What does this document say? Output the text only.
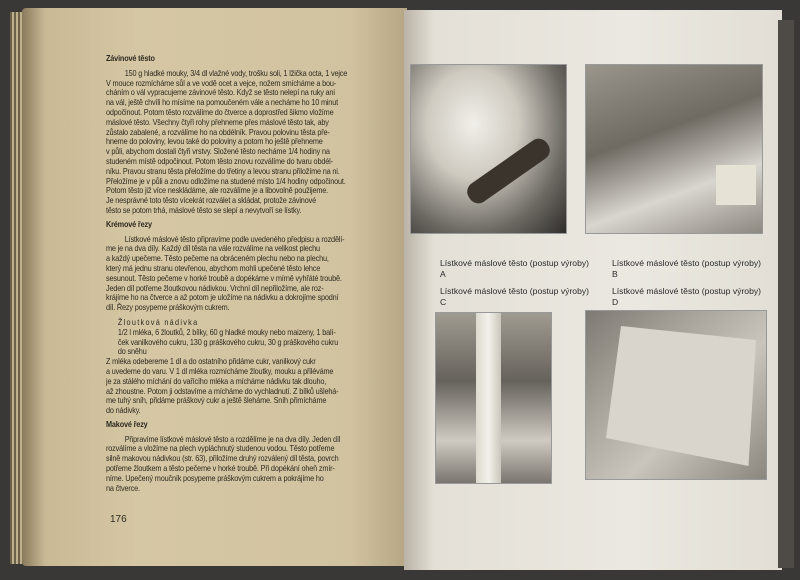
Závinové těsto
150 g hladké mouky, 3/4 dl vlažné vody, trošku soli, 1 lžička octa, 1 vejce
V mouce rozmícháme sůl a ve vodě ocet a vejce, nožem smícháme a bou-
cháním o vál vypracujeme závinové těsto. Když se těsto nelepí na ruky ani
na vál, ještě chvíli ho mísíme na pomoučeném vále a necháme ho 10 minut
odpočinout. Potom těsto rozválíme do čtverce a doprostřed šikmo vložíme
máslové těsto. Všechny čtyři rohy přehneme přes máslové těsto tak, aby
zůstalo zabalené, a rozválíme ho na obdélník. Pravou polovinu těsta pře-
hneme do poloviny, levou také do poloviny a potom ho ještě přehneme
v půli, abychom dostali čtyři vrstvy. Složené těsto necháme 1/4 hodiny na
studeném místě odpočinout. Potom těsto znovu rozválíme do tvaru obdél-
níku. Pravou stranu těsta přeložíme do třetiny a levou stranu přiložíme na ni.
Přeložíme je v půli a znovu odložíme na studené místo 1/4 hodiny odpočinout.
Potom těsto již více neskládáme, ale rozválíme je a libovolně použijeme.
Je nesprávné toto těsto vícekrát rozválet a skládat, protože závinové
těsto se potom trhá, máslové těsto se slepí a nevytvoří se lístky.
Krémové řezy
Lístkové máslové těsto připravíme podle uvedeného předpisu a rozdělí-
me je na dva díly. Každý díl těsta na vále rozválíme na velikost plechu
a každý upečeme. Těsto pečeme na obráceném plechu nebo na plechu,
který má jednu stranu otevřenou, abychom mohli upečené těsto lehce
sesunout. Těsto pečeme v horké troubě a dopékáme v mírně vyhřáté troubě.
Jeden díl potřeme žloutkovou nádivkou. Vrchní díl nepřiložíme, ale roz-
krájíme ho na čtverce a až potom je uložíme na nádivku a dokrojíme spodní
díl. Řezy posypeme práškovým cukrem.
Žloutková nádivka
1/2 l mléka, 6 žloutků, 2 bílky, 60 g hladké mouky nebo maizeny, 1 balí-
ček vanilkového cukru, 130 g práškového cukru, 30 g práškového cukru
do sněhu
Z mléka odebereme 1 dl a do ostatního přidáme cukr, vanilkový cukr
a uvedeme do varu. V 1 dl mléka rozmícháme žloutky, mouku a přiléváme
je za stálého míchání do vařícího mléka a mícháme nádivku tak dlouho,
až zhoustne. Potom ji odstavíme a mícháme do vychladnutí. Z bílků ušlehá-
me tuhý sníh, přidáme práškový cukr a ještě šleháme. Sníh přimícháme
do nádivky.
Makové řezy
Připravíme lístkové máslové těsto a rozdělíme je na dva díly. Jeden díl
rozválíme a vložíme na plech vypláchnutý studenou vodou. Těsto potřeme
silně makovou nádivkou (str. 63), přiložíme druhý rozválený díl těsta, povrch
potřeme žloutkem a těsto pečeme v horké troubě. Při dopékání oheň zmír-
níme. Upečený moučník posypeme práškovým cukrem a pokrájíme ho
na čtverce.
176
Lístkové máslové těsto (postup výroby) A
Lístkové máslové těsto (postup výroby) B
Lístkové máslové těsto (postup výroby) C
Lístkové máslové těsto (postup výroby) D
